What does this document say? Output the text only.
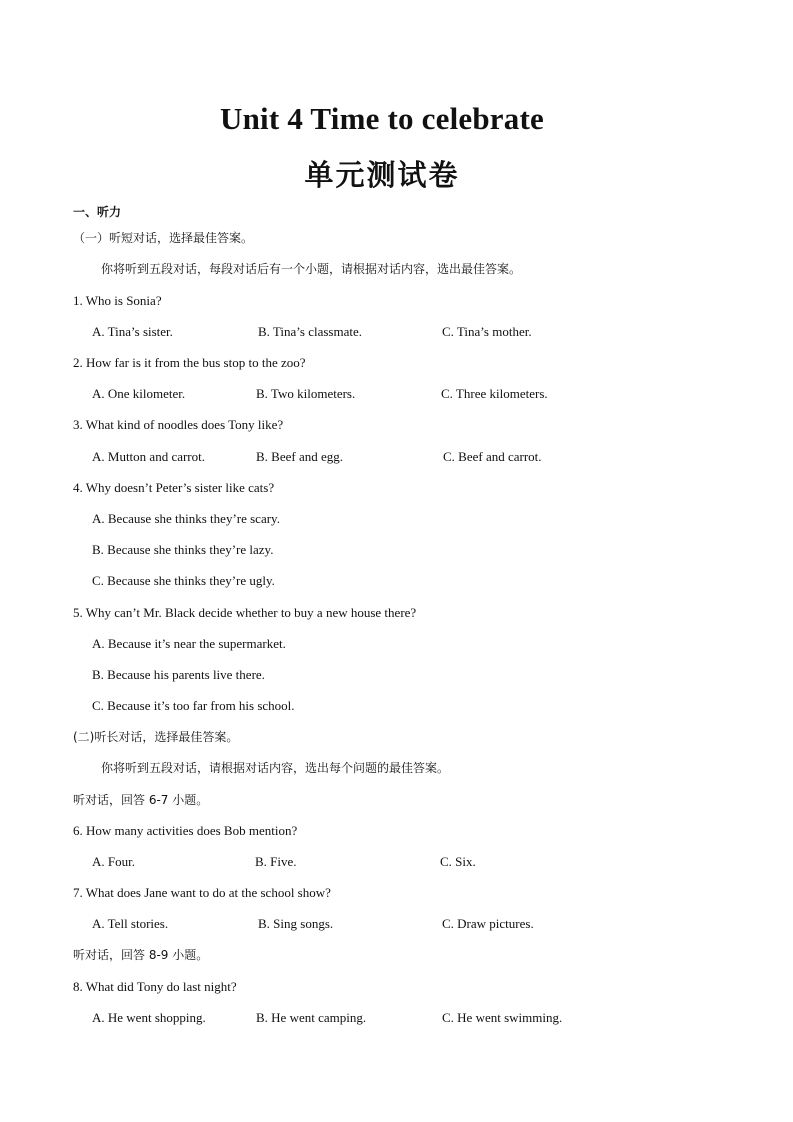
Unit 4 Time to celebrate
单元测试卷
一、听力
（一）听短对话，选择最佳答案。
你将听到五段对话，每段对话后有一个小题，请根据对话内容，选出最佳答案。
1. Who is Sonia?
A. Tina’s sister.	B. Tina’s classmate.	C. Tina’s mother.
2. How far is it from the bus stop to the zoo?
A. One kilometer.	B. Two kilometers.	C. Three kilometers.
3. What kind of noodles does Tony like?
A. Mutton and carrot.	B. Beef and egg.	C. Beef and carrot.
4. Why doesn’t Peter’s sister like cats?
A. Because she thinks they’re scary.
B. Because she thinks they’re lazy.
C. Because she thinks they’re ugly.
5. Why can’t Mr. Black decide whether to buy a new house there?
A. Because it’s near the supermarket.
B. Because his parents live there.
C. Because it’s too far from his school.
(二)听长对话，选择最佳答案。
你将听到五段对话，请根据对话内容，选出每个问题的最佳答案。
听对话，回答 6-7 小题。
6. How many activities does Bob mention?
A. Four.	B. Five.	C. Six.
7. What does Jane want to do at the school show?
A. Tell stories.	B. Sing songs.	C. Draw pictures.
听对话，回答 8-9 小题。
8. What did Tony do last night?
A. He went shopping.	B. He went camping.	C. He went swimming.
